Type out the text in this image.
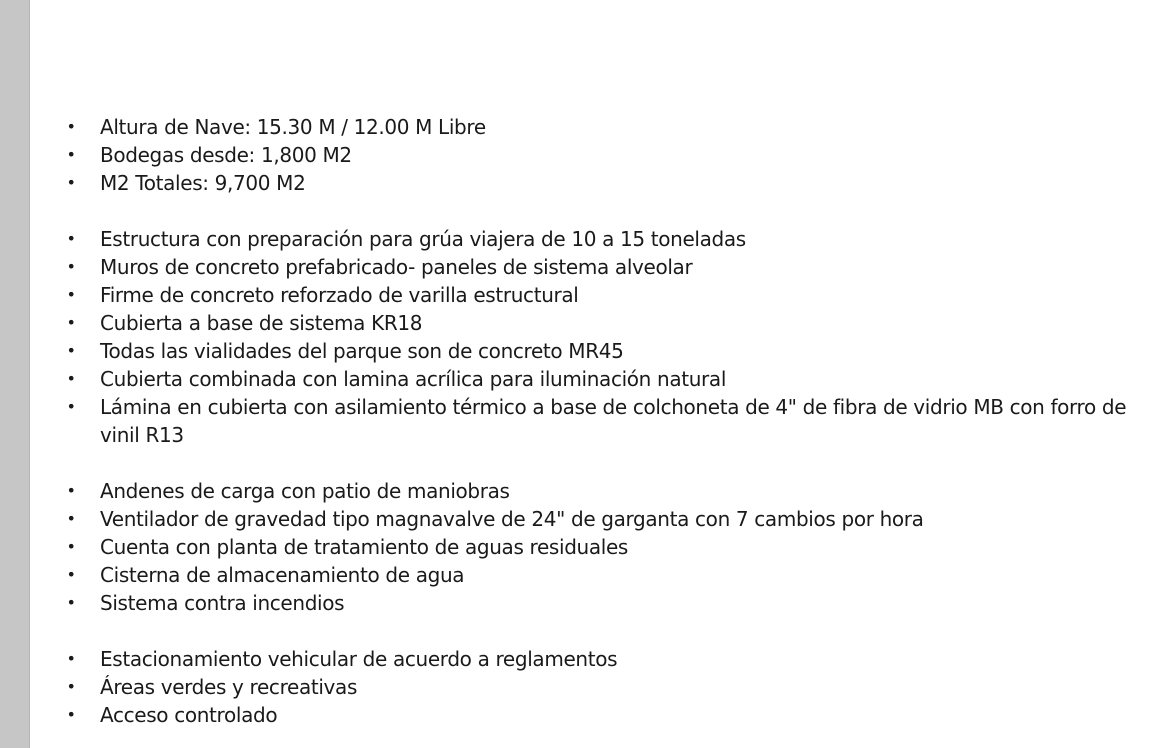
• Altura de Nave: 15.30 M / 12.00 M Libre
• Bodegas desde: 1,800 M2
• M2 Totales: 9,700 M2
• Estructura con preparación para grúa viajera de 10 a 15 toneladas
• Muros de concreto prefabricado- paneles de sistema alveolar
• Firme de concreto reforzado de varilla estructural
• Cubierta a base de sistema KR18
• Todas las vialidades del parque son de concreto MR45
• Cubierta combinada con lamina acrílica para iluminación natural
• Lámina en cubierta con asilamiento térmico a base de colchoneta de 4" de fibra de vidrio MB con forro de vinil R13
• Andenes de carga con patio de maniobras
• Ventilador de gravedad tipo magnavalve de 24" de garganta con 7 cambios por hora
• Cuenta con planta de tratamiento de aguas residuales
• Cisterna de almacenamiento de agua
• Sistema contra incendios
• Estacionamiento vehicular de acuerdo a reglamentos
• Áreas verdes y recreativas
• Acceso controlado
